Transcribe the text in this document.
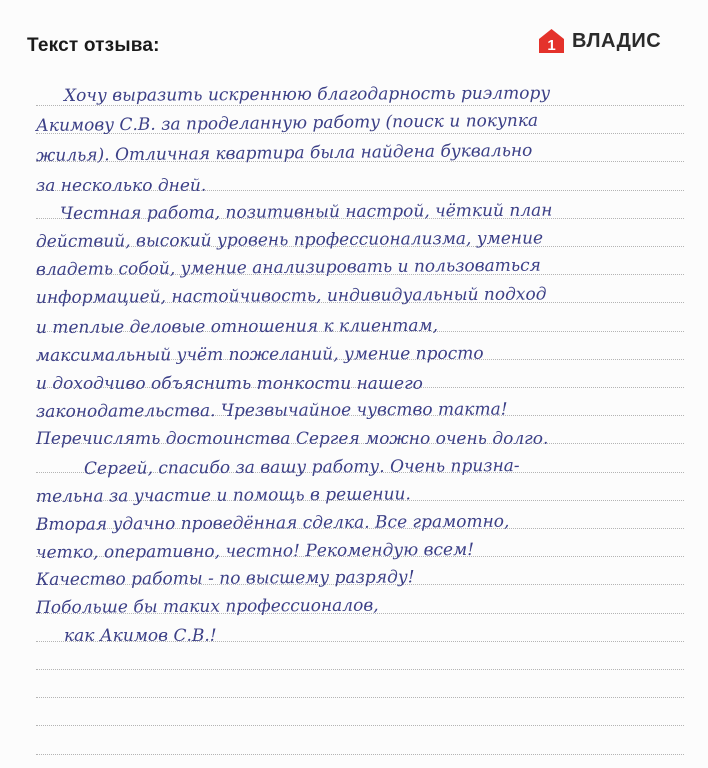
Текст отзыва:	1 ВЛАДИС
Хочу выразить искреннюю благодарность риэлтору
Акимову С.В. за проделанную работу (поиск и покупка
жилья). Отличная квартира была найдена буквально
за несколько дней.
Честная работа, позитивный настрой, чёткий план
действий, высокий уровень профессионализма, умение
владеть собой, умение анализировать и пользоваться
информацией, настойчивость, индивидуальный подход
и теплые деловые отношения к клиентам,
максимальный учёт пожеланий, умение просто
и доходчиво объяснить тонкости нашего
законодательства. Чрезвычайное чувство такта!
Перечислять достоинства Сергея можно очень долго.
Сергей, спасибо за вашу работу. Очень призна-
тельна за участие и помощь в решении.
Вторая удачно проведённая сделка. Все грамотно,
четко, оперативно, честно! Рекомендую всем!
Качество работы - по высшему разряду!
Побольше бы таких профессионалов,
как Акимов С.В.!
